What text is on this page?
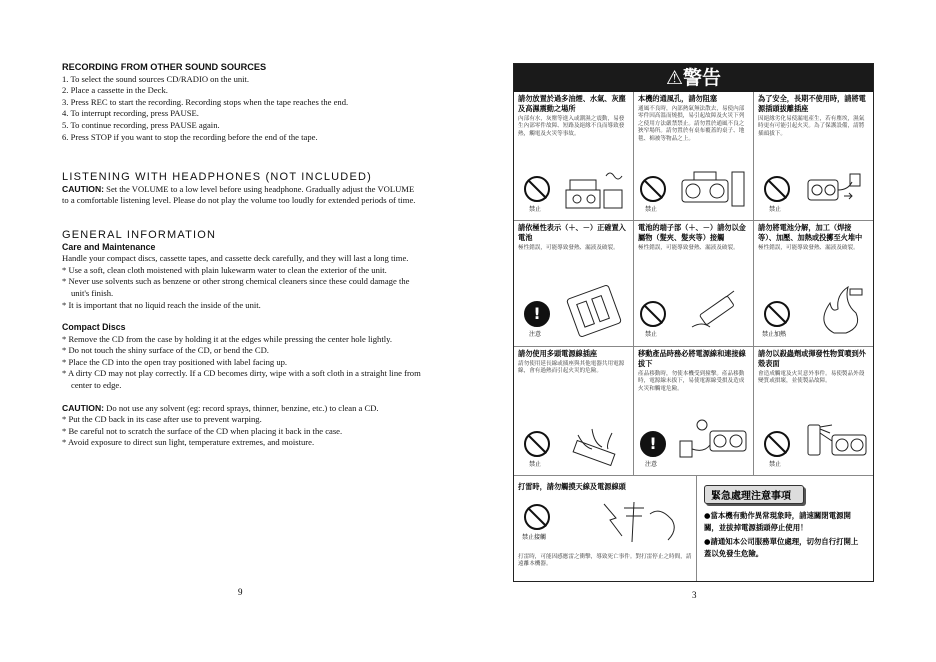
RECORDING FROM OTHER SOUND SOURCES

1. To select the sound sources CD/RADIO on the unit.

2. Place a cassette in the Deck.

3. Press REC to start the recording. Recording stops when the tape reaches the end.

4. To interrupt recording, press PAUSE.

5. To continue recording, press PAUSE again.

6. Press STOP if you want to stop the recording before the end of the tape.

LISTENING WITH HEADPHONES (NOT INCLUDED)

CAUTION: Set the VOLUME to a low level before using headphone. Gradually adjust the VOLUME to a comfortable listening level. Please do not play the volume too loudly for extended periods of time.

GENERAL INFORMATION
Care and Maintenance

Handle your compact discs, cassette tapes, and cassette deck carefully, and they will last a long time.

* Use a soft, clean cloth moistened with plain lukewarm water to clean the exterior of the unit.

* Never use solvents such as benzene or other strong chemical cleaners since these could damage the unit's finish.

* It is important that no liquid reach the inside of the unit.

Compact Discs

* Remove the CD from the case by holding it at the edges while pressing the center hole lightly.

* Do not touch the shiny surface of the CD, or bend the CD.

* Place the CD into the open tray positioned with label facing up.

* A dirty CD may not play correctly. If a CD becomes dirty, wipe with a soft cloth in a straight line from center to edge.

CAUTION: Do not use any solvent (eg: record sprays, thinner, benzine, etc.) to clean a CD.

* Put the CD back in its case after use to prevent warping.

* Be careful not to scratch the surface of the CD when placing it back in the case.

* Avoid exposure to direct sun light, temperature extremes, and moisture.

9
⚠警告
請勿放置於過多油煙、水氣、灰塵及高濕震動之場所
內部有水，灰塵等進入或潮濕之震動，易發生內部零件故障、短路及絕緣不良而導致發熱，觸電及火災等事故。
禁止
本機的通風孔，請勿阻塞
通風不良時，內部熱氣無法散去，易使內部零件因高溫而燒損，易引起故障及火災下列之使用方法嚴禁禁止。請勿置於通風不良之狹窄場所。請勿置於有桌布覆蓋的桌子、地毯、棉被等物品之上。
禁止
為了安全，長期不使用時，請將電源插頭拔離插座
因絕緣劣化易使漏電產生，若有塵埃，濕氣時更有可能引起火災。為了保護設備，請將插頭拔下。
禁止
請依極性表示（＋、－）正確置入電池
極性錯誤，可能導致發熱、漏液及破裂。
!
注意
電池的端子部（＋、－）請勿以金屬物（髮夾、髮夾等）接觸
極性錯誤，可能導致發熱、漏液及破裂。
禁止
請勿將電池分解，加工（焊接等）、加壓、加熱或投擲至火堆中
極性錯誤，可能導致發熱、漏液及破裂。
禁止加熱
請勿使用多頭電源線插座
請勿使用延長線或插座與其他電器共用電源線，會有過熱而引起火災的危險。
禁止
移動產品時務必將電源線和連接線拔下
產品移動時，勿使本機受到撞擊。產品移動時，電源線未拔下，易使電源線受損及造成火災和觸電危險。
!
注意
請勿以殺蟲劑或揮發性物質噴到外殼表面
會造成觸電及火災意外事件。易使製品外殼變質或損壞，並使製品故障。
禁止
打雷時，請勿觸摸天線及電源線頭
禁止接觸
打雷時，可能因感應雷之衝擊，導致死亡事件。對打雷停止之時間，請遠離本機器。
緊急處理注意事項
●當本機有動作異常現象時，請速關閉電源開關，並拔掉電源插頭停止使用！
●請通知本公司服務單位處理，切勿自行打開上蓋以免發生危險。
3
